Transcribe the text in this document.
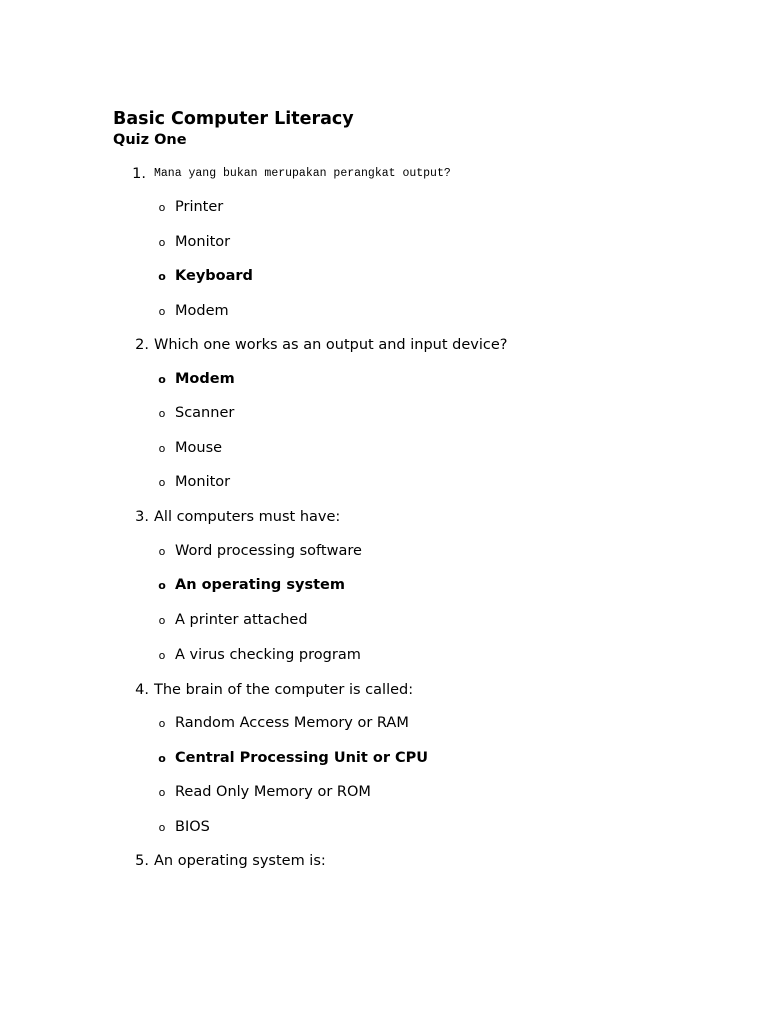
Basic Computer Literacy
Quiz One
1. Mana yang bukan merupakan perangkat output?
o Printer
o Monitor
o Keyboard
o Modem
2. Which one works as an output and input device?
o Modem
o Scanner
o Mouse
o Monitor
3. All computers must have:
o Word processing software
o An operating system
o A printer attached
o A virus checking program
4. The brain of the computer is called:
o Random Access Memory or RAM
o Central Processing Unit or CPU
o Read Only Memory or ROM
o BIOS
5. An operating system is:
